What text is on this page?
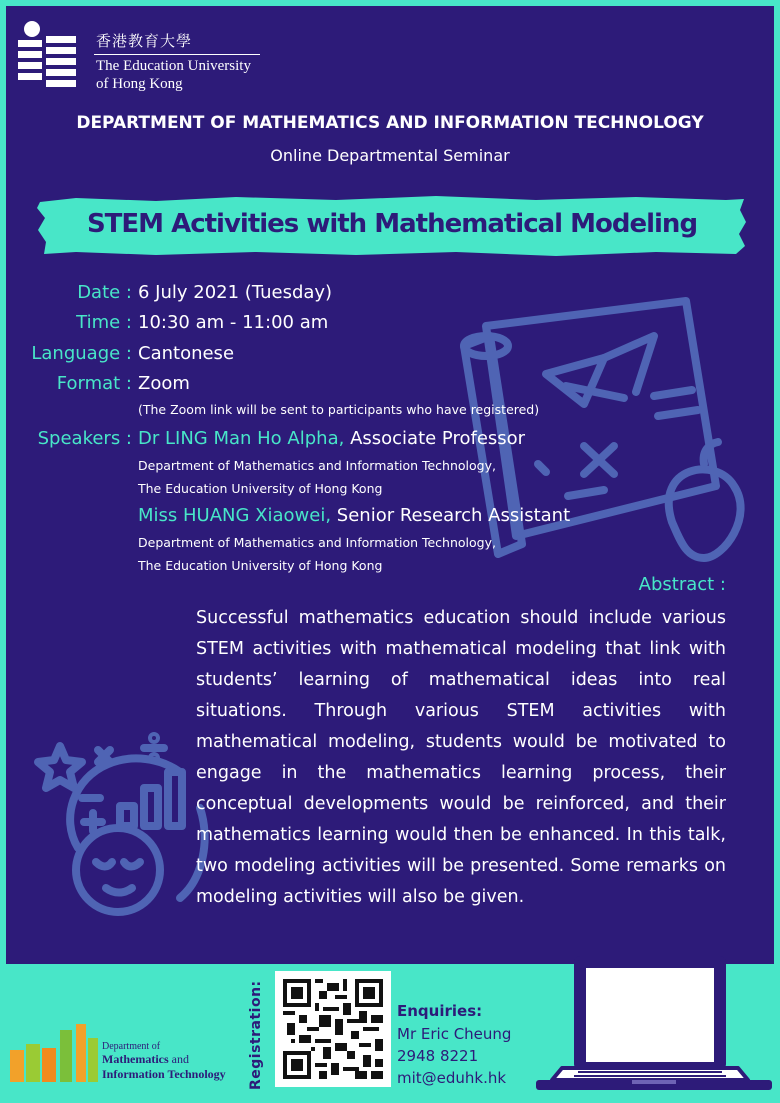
香港教育大學
The Education University
of Hong Kong
DEPARTMENT OF MATHEMATICS AND INFORMATION TECHNOLOGY
Online Departmental Seminar
STEM Activities with Mathematical Modeling
Date : 6 July 2021 (Tuesday)
Time : 10:30 am - 11:00 am
Language : Cantonese
Format : Zoom
(The Zoom link will be sent to participants who have registered)
Speakers : Dr LING Man Ho Alpha, Associate Professor
Department of Mathematics and Information Technology,
The Education University of Hong Kong
Miss HUANG Xiaowei, Senior Research Assistant
Department of Mathematics and Information Technology,
The Education University of Hong Kong
Abstract :
Successful mathematics education should include various STEM activities with mathematical modeling that link with students’ learning of mathematical ideas into real situations. Through various STEM activities with mathematical modeling, students would be motivated to engage in the mathematics learning process, their conceptual developments would be reinforced, and their mathematics learning would then be enhanced. In this talk, two modeling activities will be presented. Some remarks on modeling activities will also be given.
Department of
Mathematics and
Information Technology Registration:	Enquiries:
Mr Eric Cheung
2948 8221
mit@eduhk.hk
